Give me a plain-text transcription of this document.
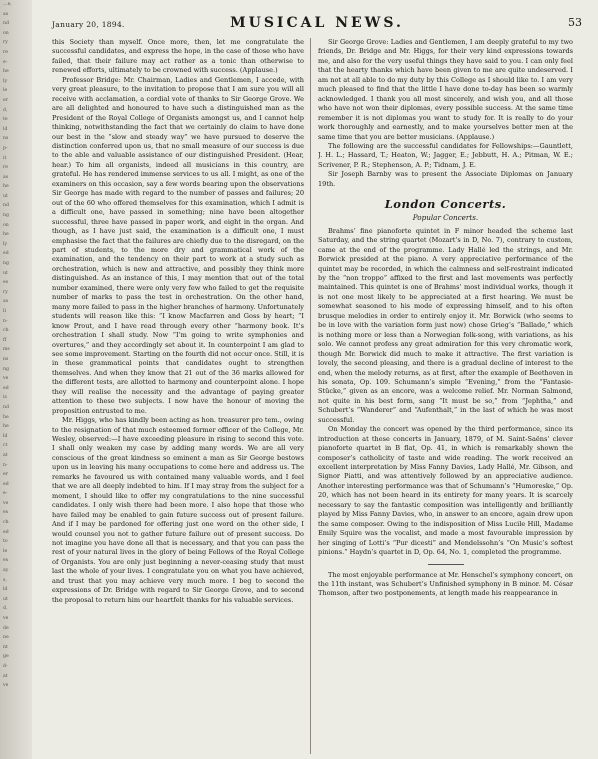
…e,
as
nd
on
ry
re
e-
he
ly
le
er
d,
te
ld
ns
p-
it
re
as
he
ut
nd
ng
on
he
ly
ed
ng
ut
es
ry
as
ll
n-
ch
ff
ms
ns
ng
ve
ed
is
nd
he
he
ld
ct
at
n-
er
ed
e-
ve
es
ch
ed
to
le
es
ay
s,
ld
ut
d,
ve
de
ne
nt
ge
d-
at
ve
January 20, 1894.	MUSICAL NEWS.	53

this Society than myself. Once more, then, let me congratulate the successful candidates, and express the hope, in the case of those who have failed, that their failure may act rather as a tonic than otherwise to renewed efforts, ultimately to be crowned with success. (Applause.)

Professor Bridge: Mr. Chairman, Ladies and Gentlemen, I accede, with very great pleasure, to the invitation to propose that I am sure you will all receive with acclamation, a cordial vote of thanks to Sir George Grove. We are all delighted and honoured to have such a distinguished man as the President of the Royal College of Organists amongst us, and I cannot help thinking, notwithstanding the fact that we certainly do claim to have done our best in the “slow and steady way” we have pursued to deserve the distinction conferred upon us, that no small measure of our success is due to the able and valuable assistance of our distinguished President. (Hear, hear.) To him all organists, indeed all musicians in this country, are grateful. He has rendered immense services to us all. I might, as one of the examiners on this occasion, say a few words bearing upon the observations Sir George has made with regard to the number of passes and failures; 20 out of the 60 who offered themselves for this examination, which I admit is a difficult one, have passed in something; nine have been altogether successful, three have passed in paper work, and eight in the organ. And though, as I have just said, the examination is a difficult one, I must emphasise the fact that the failures are chiefly due to the disregard, on the part of students, to the more dry and grammatical work of the examination, and the tendency on their part to work at a study such as orchestration, which is new and attractive, and possibly they think more distinguished. As an instance of this, I may mention that out of the total number examined, there were only very few who failed to get the requisite number of marks to pass the test in orchestration. On the other hand, many more failed to pass in the higher branches of harmony. Unfortunately students will reason like this: “I know Macfarren and Goss by heart; “I know Prout, and I have read through every other “harmony book. It’s orchestration I shall study. Now “I’m going to write symphonies and overtures,” and they accordingly set about it. In counterpoint I am glad to see some improvement. Starting on the fourth did not occur once. Still, it is in these grammatical points that candidates ought to strengthen themselves. And when they know that 21 out of the 36 marks allowed for the different tests, are allotted to harmony and counterpoint alone. I hope they will realise the necessity and the advantage of paying greater attention to these two subjects. I now have the honour of moving the proposition entrusted to me.

Mr. Higgs, who has kindly been acting as hon. treasurer pro tem., owing to the resignation of that much esteemed former officer of the College, Mr. Wesley, observed:—I have exceeding pleasure in rising to second this vote. I shall only weaken my case by adding many words. We are all very conscious of the great kindness so eminent a man as Sir George bestows upon us in leaving his many occupations to come here and address us. The remarks he favoured us with contained many valuable words, and I feel that we are all deeply indebted to him. If I may stray from the subject for a moment, I should like to offer my congratulations to the nine successful candidates. I only wish there had been more. I also hope that those who have failed may be enabled to gain future success out of present failure. And if I may be pardoned for offering just one word on the other side, I would counsel you not to gather future failure out of present success. Do not imagine you have done all that is necessary, and that you can pass the rest of your natural lives in the glory of being Fellows of the Royal College of Organists. You are only just beginning a never-ceasing study that must last the whole of your lives. I congratulate you on what you have achieved, and trust that you may achieve very much more. I beg to second the expressions of Dr. Bridge with regard to Sir George Grove, and to second the proposal to return him our heartfelt thanks for his valuable services.

Sir George Grove: Ladies and Gentlemen, I am deeply grateful to my two friends, Dr. Bridge and Mr. Higgs, for their very kind expressions towards me, and also for the very useful things they have said to you. I can only feel that the hearty thanks which have been given to me are quite undeserved. I am not at all able to do my duty by this College as I should like to. I am very much pleased to find that the little I have done to-day has been so warmly acknowledged. I thank you all most sincerely, and wish you, and all those who have not won their diplomas, every possible success. At the same time remember it is not diplomas you want to study for. It is really to do your work thoroughly and earnestly, and to make yourselves better men at the same time that you are better musicians. (Applause.)

The following are the successful candidates for Fellowships:—Gauntlett, J. H. L.; Hassard, T.; Heaton, W.; Jagger, E.; Jebbutt, H. A.; Pitman, W. E.; Scrivener, P. R.; Stephenson, A. P.; Tidnam, J. E.

Sir Joseph Barnby was to present the Associate Diplomas on January 19th.

London Concerts.
Popular Concerts.

Brahms’ fine pianoforte quintet in F minor headed the scheme last Saturday, and the string quartet (Mozart’s in D, No. 7), contrary to custom, came at the end of the programme. Lady Hallé led the strings, and Mr. Borwick presided at the piano. A very appreciative performance of the quintet may be recorded, in which the calmness and self-restraint indicated by the “non troppo” affixed to the first and last movements was perfectly maintained. This quintet is one of Brahms’ most individual works, though it is not one most likely to be appreciated at a first hearing. We must be somewhat seasoned to his mode of expressing himself, and to his often brusque melodies in order to entirely enjoy it. Mr. Borwick (who seems to be in love with the variation form just now) chose Grieg’s “Ballade,” which is nothing more or less than a Norwegian folk-song, with variations, as his solo. We cannot profess any great admiration for this very chromatic work, though Mr. Borwick did much to make it attractive. The first variation is lovely, the second pleasing, and there is a gradual decline of interest to the end, when the melody returns, as at first, after the example of Beethoven in his sonata, Op. 109. Schumann’s simple “Evening,” from the “Fantasie-Stücke,” given as an encore, was a welcome relief. Mr. Norman Salmond, not quite in his best form, sang “It must be so,” from “Jephtha,” and Schubert’s “Wanderer” and “Aufenthalt,” in the last of which he was most successful.

On Monday the concert was opened by the third performance, since its introduction at these concerts in January, 1879, of M. Saint-Saëns’ clever pianoforte quartet in B flat, Op. 41, in which is remarkably shown the composer’s catholicity of taste and wide reading. The work received an excellent interpretation by Miss Fanny Davies, Lady Hallé, Mr. Gibson, and Signor Piatti, and was attentively followed by an appreciative audience. Another interesting performance was that of Schumann’s “Humoreske,” Op. 20, which has not been heard in its entirety for many years. It is scarcely necessary to say the fantastic composition was intelligently and brilliantly played by Miss Fanny Davies, who, in answer to an encore, again drew upon the same composer. Owing to the indisposition of Miss Lucile Hill, Madame Emily Squire was the vocalist, and made a most favourable impression by her singing of Lotti’s “Pur dicesti” and Mendelssohn’s “On Music’s softest pinions.” Haydn’s quartet in D, Op. 64, No. 1, completed the programme.

The most enjoyable performance at Mr. Henschel’s symphony concert, on the 11th instant, was Schubert’s Unfinished symphony in B minor. M. César Thomson, after two postponements, at length made his reappearance in
